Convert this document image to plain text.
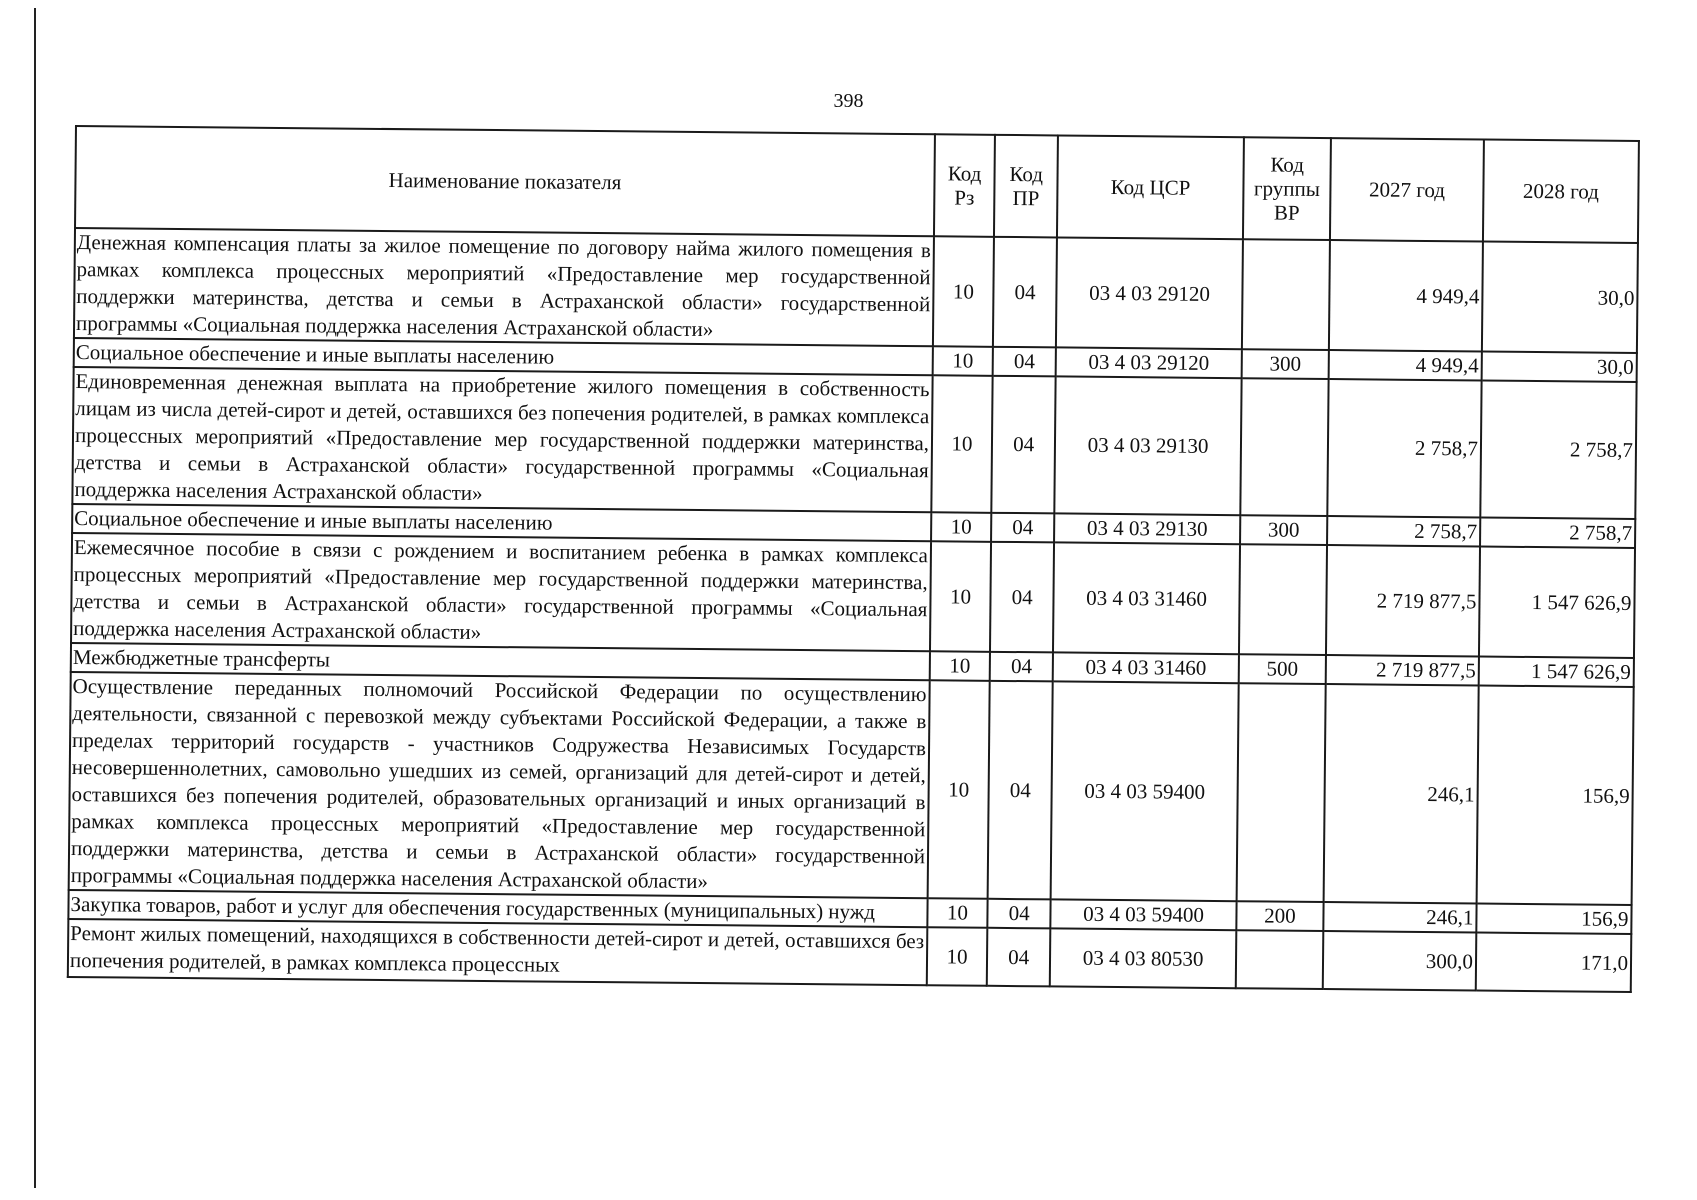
398
Наименование показателя	Код Рз	Код ПР	Код ЦСР	Код группы ВР	2027 год	2028 год
Денежная компенсация платы за жилое помещение по договору найма жилого помещения в рамках комплекса процессных мероприятий «Предоставление мер государственной поддержки материнства, детства и семьи в Астраханской области» государственной программы «Социальная поддержка населения Астраханской области»	10	04	03 4 03 29120		4 949,4	30,0
Социальное обеспечение и иные выплаты населению	10	04	03 4 03 29120	300	4 949,4	30,0
Единовременная денежная выплата на приобретение жилого помещения в собственность лицам из числа детей-сирот и детей, оставшихся без попечения родителей, в рамках комплекса процессных мероприятий «Предоставление мер государственной поддержки материнства, детства и семьи в Астраханской области» государственной программы «Социальная поддержка населения Астраханской области»	10	04	03 4 03 29130		2 758,7	2 758,7
Социальное обеспечение и иные выплаты населению	10	04	03 4 03 29130	300	2 758,7	2 758,7
Ежемесячное пособие в связи с рождением и воспитанием ребенка в рамках комплекса процессных мероприятий «Предоставление мер государственной поддержки материнства, детства и семьи в Астраханской области» государственной программы «Социальная поддержка населения Астраханской области»	10	04	03 4 03 31460		2 719 877,5	1 547 626,9
Межбюджетные трансферты	10	04	03 4 03 31460	500	2 719 877,5	1 547 626,9
Осуществление переданных полномочий Российской Федерации по осуществлению деятельности, связанной с перевозкой между субъектами Российской Федерации, а также в пределах территорий государств - участников Содружества Независимых Государств несовершеннолетних, самовольно ушедших из семей, организаций для детей-сирот и детей, оставшихся без попечения родителей, образовательных организаций и иных организаций в рамках комплекса процессных мероприятий «Предоставление мер государственной поддержки материнства, детства и семьи в Астраханской области» государственной программы «Социальная поддержка населения Астраханской области»	10	04	03 4 03 59400		246,1	156,9
Закупка товаров, работ и услуг для обеспечения государственных (муниципальных) нужд	10	04	03 4 03 59400	200	246,1	156,9
Ремонт жилых помещений, находящихся в собственности детей-сирот и детей, оставшихся без попечения родителей, в рамках комплекса процессных	10	04	03 4 03 80530		300,0	171,0
